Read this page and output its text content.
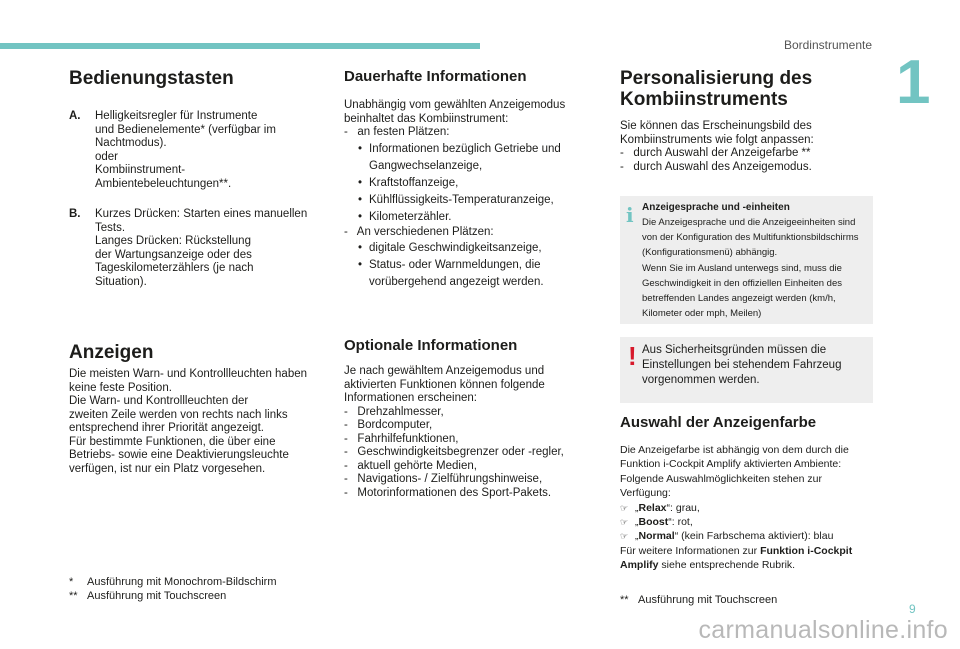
Bordinstrumente
1
9
carmanualsonline.info
Bedienungstasten
A.	Helligkeitsregler für Instrumente
und Bedienelemente* (verfügbar im
Nachtmodus).
oder
Kombiinstrument-
Ambientebeleuchtungen**.
B.	Kurzes Drücken: Starten eines manuellen
Tests.
Langes Drücken: Rückstellung
der Wartungsanzeige oder des
Tageskilometerzählers (je nach
Situation).
Anzeigen

Die meisten Warn- und Kontrollleuchten haben
keine feste Position.
Die Warn- und Kontrollleuchten der
zweiten Zeile werden von rechts nach links
entsprechend ihrer Priorität angezeigt.
Für bestimmte Funktionen, die über eine
Betriebs- sowie eine Deaktivierungsleuchte
verfügen, ist nur ein Platz vorgesehen.

*	Ausführung mit Monochrom-Bildschirm
** Ausführung mit Touchscreen
Dauerhafte Informationen

Unabhängig vom gewählten Anzeigemodus
beinhaltet das Kombiinstrument:

-   an festen Plätzen:
• Informationen bezüglich Getriebe und
Gangwechselanzeige,
• Kraftstoffanzeige,
• Kühlflüssigkeits-Temperaturanzeige,
• Kilometerzähler.
-   An verschiedenen Plätzen:
• digitale Geschwindigkeitsanzeige,
• Status- oder Warnmeldungen, die
vorübergehend angezeigt werden.
Optionale Informationen

Je nach gewähltem Anzeigemodus und
aktivierten Funktionen können folgende
Informationen erscheinen:

-   Drehzahlmesser,
-   Bordcomputer,
-   Fahrhilfefunktionen,
-   Geschwindigkeitsbegrenzer oder -regler,
-   aktuell gehörte Medien,
-   Navigations- / Zielführungshinweise,
-   Motorinformationen des Sport-Pakets.
Personalisierung des
Kombiinstruments

Sie können das Erscheinungsbild des
Kombiinstruments wie folgt anpassen:

-   durch Auswahl der Anzeigefarbe **
-   durch Auswahl des Anzeigemodus.
i Anzeigesprache und -einheiten
Die Anzeigesprache und die Anzeigeeinheiten sind
von der Konfiguration des Multifunktionsbildschirms
(Konfigurationsmenü) abhängig.
Wenn Sie im Ausland unterwegs sind, muss die
Geschwindigkeit in den offiziellen Einheiten des
betreffenden Landes angezeigt werden (km/h,
Kilometer oder mph, Meilen)
! Aus Sicherheitsgründen müssen die
Einstellungen bei stehendem Fahrzeug
vorgenommen werden.
Auswahl der Anzeigenfarbe

Die Anzeigefarbe ist abhängig von dem durch die
Funktion i-Cockpit Amplify aktivierten Ambiente:
Folgende Auswahlmöglichkeiten stehen zur
Verfügung:

☞ „Relax“: grau,
☞ „Boost“: rot,
☞ „Normal“ (kein Farbschema aktiviert): blau
Für weitere Informationen zur Funktion i-Cockpit
Amplify siehe entsprechende Rubrik.
** Ausführung mit Touchscreen
